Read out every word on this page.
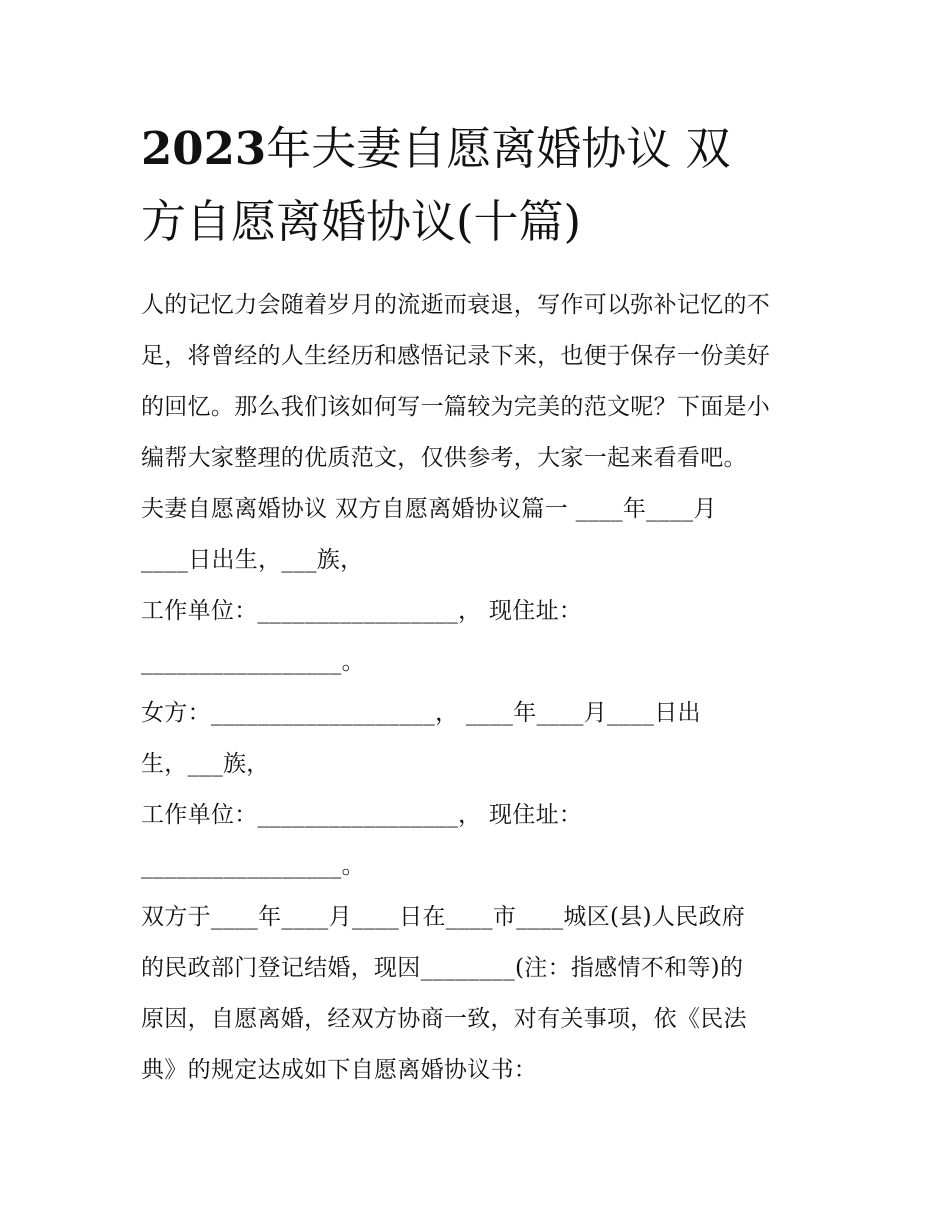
2023年夫妻自愿离婚协议 双
方自愿离婚协议(十篇)
人的记忆力会随着岁月的流逝而衰退，写作可以弥补记忆的不
足，将曾经的人生经历和感悟记录下来，也便于保存一份美好
的回忆。那么我们该如何写一篇较为完美的范文呢？下面是小
编帮大家整理的优质范文，仅供参考，大家一起来看看吧。
夫妻自愿离婚协议 双方自愿离婚协议篇一 ____年____月
____日出生，___族，
工作单位：_________________， 现住址：
_________________。
女方：___________________， ____年____月____日出
生，___族，
工作单位：_________________， 现住址：
_________________。
双方于____年____月____日在____市____城区(县)人民政府
的民政部门登记结婚，现因________(注：指感情不和等)的
原因，自愿离婚，经双方协商一致，对有关事项，依《民法
典》的规定达成如下自愿离婚协议书：
